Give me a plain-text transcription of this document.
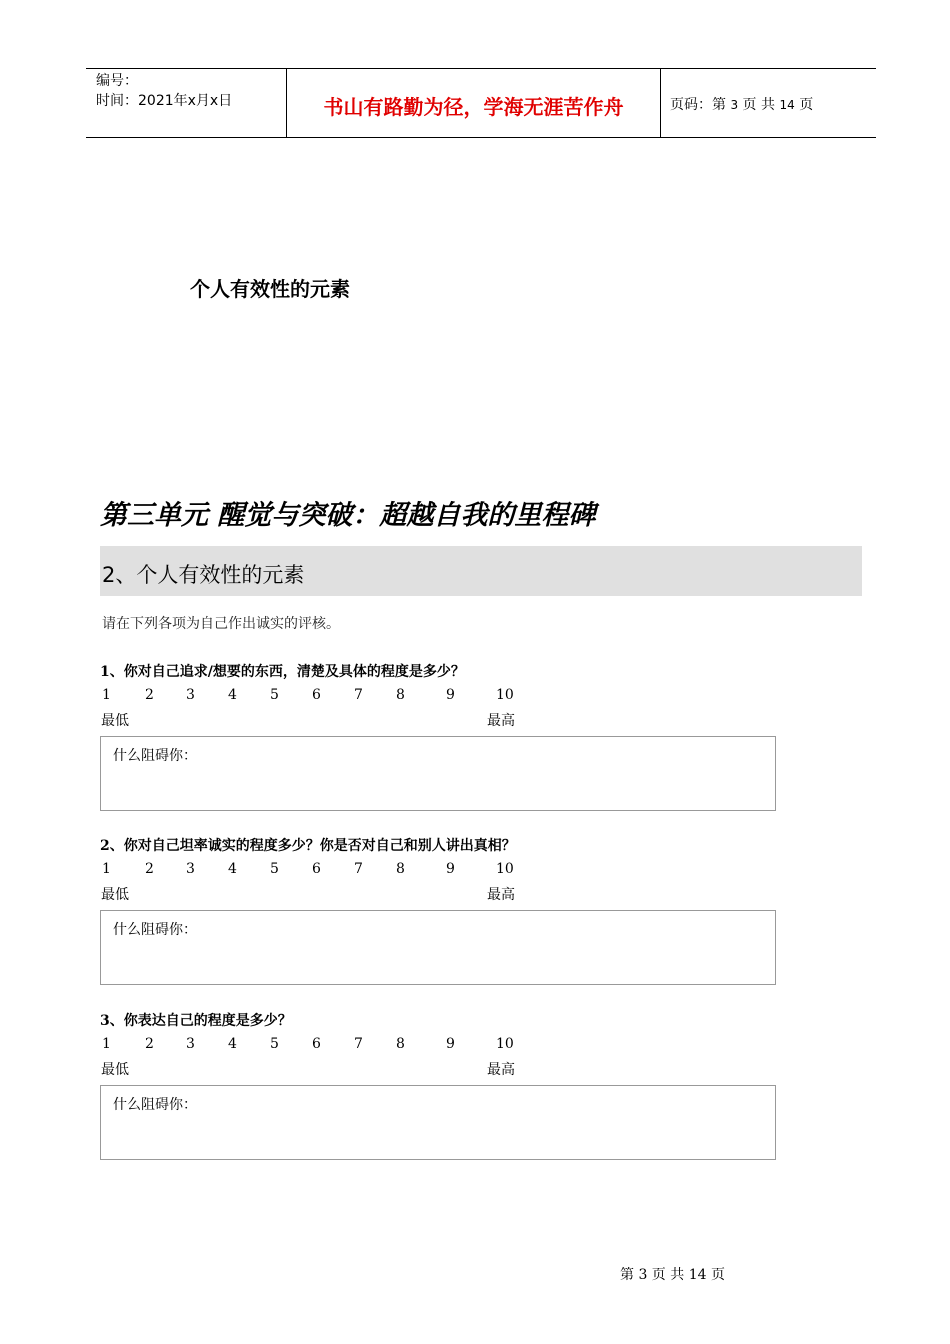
编号：
时间：2021年x月x日	书山有路勤为径，学海无涯苦作舟	页码：第 3 页 共 14 页
个人有效性的元素
第三单元 醒觉与突破：超越自我的里程碑
2、个人有效性的元素
请在下列各项为自己作出诚实的评核。
1、你对自己追求/想要的东西，清楚及具体的程度是多少？
1 2 3 4 5 6 7 8	9	10
最低	最高
什么阻碍你：
2、你对自己坦率诚实的程度多少？你是否对自己和别人讲出真相？
1 2 3 4 5 6 7 8	9	10
最低	最高
什么阻碍你：
3、你表达自己的程度是多少？
1 2 3 4 5 6 7 8	9	10
最低	最高
什么阻碍你：
第 3 页 共 14 页
